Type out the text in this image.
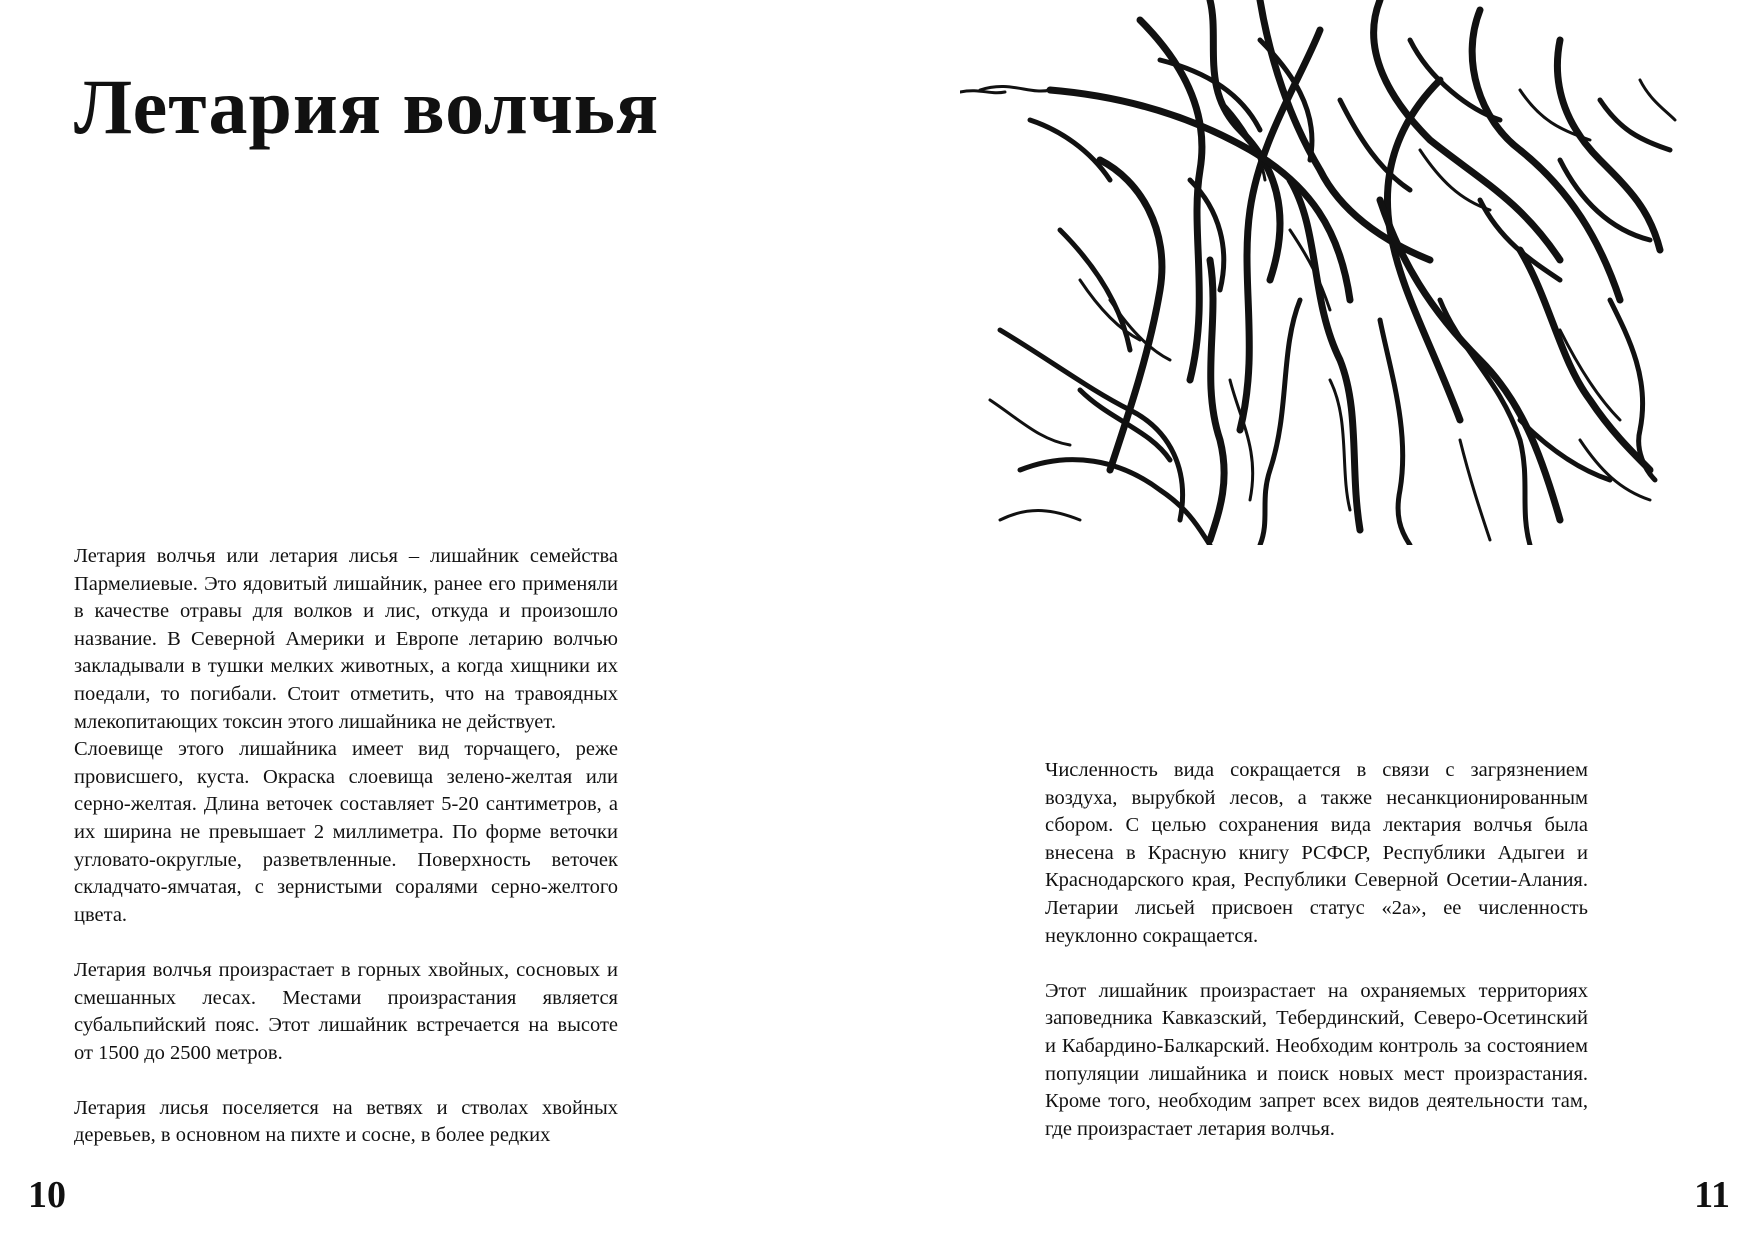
Летария волчья

Летария волчья или летария лисья – лишайник семейства Пармелиевые. Это ядовитый лишайник, ранее его применяли в качестве отравы для волков и лис, откуда и произошло название. В Северной Америки и Европе летарию волчью закладывали в тушки мелких животных, а когда хищники их поедали, то погибали. Стоит отметить, что на травоядных млекопитающих токсин этого лишайника не действует.

Слоевище этого лишайника имеет вид торчащего, реже провисшего, куста. Окраска слоевища зелено-желтая или серно-желтая. Длина веточек составляет 5-20 сантиметров, а их ширина не превышает 2 миллиметра. По форме веточки угловато-округлые, разветвленные. Поверхность веточек складчато-ямчатая, с зернистыми соралями серно-желтого цвета.

Летария волчья произрастает в горных хвойных, сосновых и смешанных лесах. Местами произрастания является субальпийский пояс. Этот лишайник встречается на высоте от 1500 до 2500 метров.

Летария лисья поселяется на ветвях и стволах хвойных деревьев, в основном на пихте и сосне, в более редких

Численность вида сокращается в связи с загрязнением воздуха, вырубкой лесов, а также несанкционированным сбором. С целью сохранения вида лектария волчья была внесена в Красную книгу РСФСР, Республики Адыгеи и Краснодарского края, Республики Северной Осетии-Алания. Летарии лисьей присвоен статус «2а», ее численность неуклонно сокращается.

Этот лишайник произрастает на охраняемых территориях заповедника Кавказский, Тебердинский, Северо-Осетинский и Кабардино-Балкарский. Необходим контроль за состоянием популяции лишайника и поиск новых мест произрастания. Кроме того, необходим запрет всех видов деятельности там, где произрастает летария волчья.

10	11
